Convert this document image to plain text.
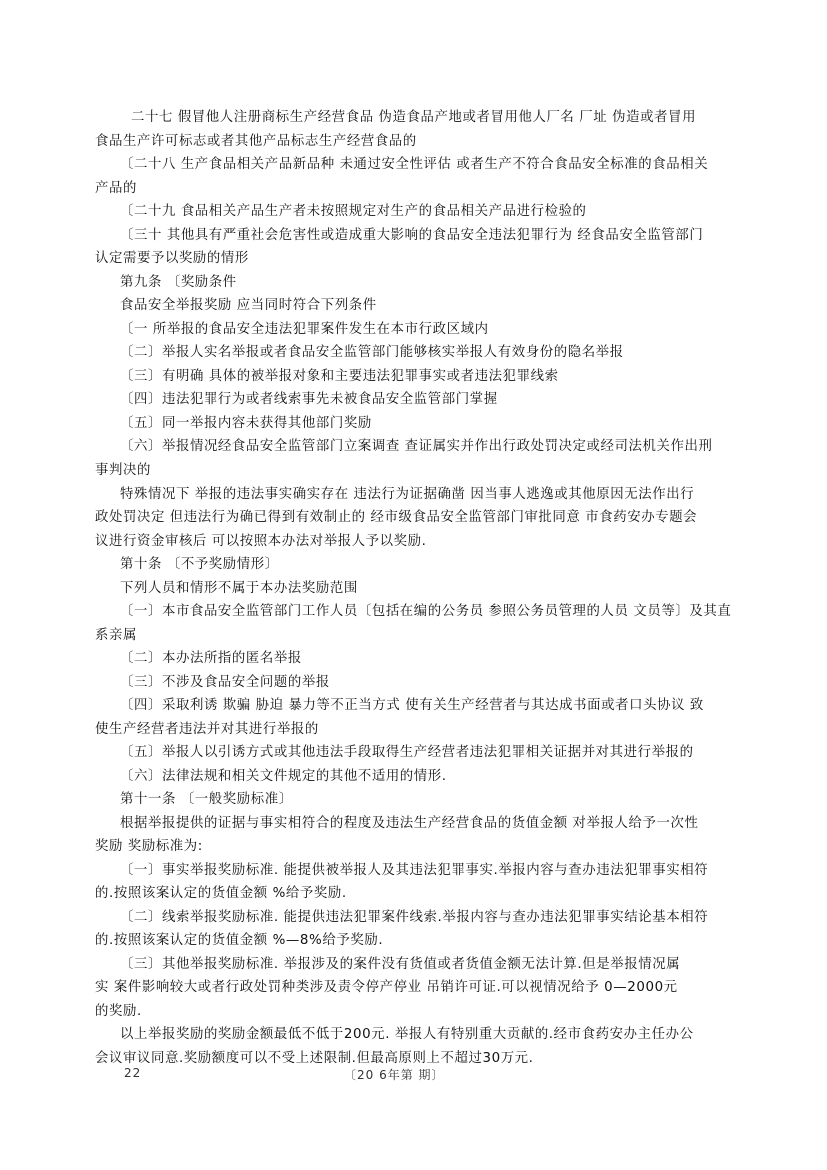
二十七 假冒他人注册商标生产经营食品 伪造食品产地或者冒用他人厂名 厂址 伪造或者冒用
食品生产许可标志或者其他产品标志生产经营食品的
〔二十八 生产食品相关产品新品种 未通过安全性评估 或者生产不符合食品安全标准的食品相关
产品的
〔二十九 食品相关产品生产者未按照规定对生产的食品相关产品进行检验的
〔三十 其他具有严重社会危害性或造成重大影响的食品安全违法犯罪行为 经食品安全监管部门
认定需要予以奖励的情形
第九条 〔奖励条件
食品安全举报奖励 应当同时符合下列条件
〔一 所举报的食品安全违法犯罪案件发生在本市行政区域内
〔二〕举报人实名举报或者食品安全监管部门能够核实举报人有效身份的隐名举报
〔三〕有明确 具体的被举报对象和主要违法犯罪事实或者违法犯罪线索
〔四〕违法犯罪行为或者线索事先未被食品安全监管部门掌握
〔五〕同一举报内容未获得其他部门奖励
〔六〕举报情况经食品安全监管部门立案调查 查证属实并作出行政处罚决定或经司法机关作出刑
事判决的
特殊情况下 举报的违法事实确实存在 违法行为证据确凿 因当事人逃逸或其他原因无法作出行
政处罚决定 但违法行为确已得到有效制止的 经市级食品安全监管部门审批同意 市食药安办专题会
议进行资金审核后 可以按照本办法对举报人予以奖励.
第十条 〔不予奖励情形〕
下列人员和情形不属于本办法奖励范围
〔一〕本市食品安全监管部门工作人员〔包括在编的公务员 参照公务员管理的人员 文员等〕及其直
系亲属
〔二〕本办法所指的匿名举报
〔三〕不涉及食品安全问题的举报
〔四〕采取利诱 欺骗 胁迫 暴力等不正当方式 使有关生产经营者与其达成书面或者口头协议 致
使生产经营者违法并对其进行举报的
〔五〕举报人以引诱方式或其他违法手段取得生产经营者违法犯罪相关证据并对其进行举报的
〔六〕法律法规和相关文件规定的其他不适用的情形.
第十一条 〔一般奖励标准〕
根据举报提供的证据与事实相符合的程度及违法生产经营食品的货值金额 对举报人给予一次性
奖励 奖励标准为:
〔一〕事实举报奖励标准. 能提供被举报人及其违法犯罪事实.举报内容与查办违法犯罪事实相符
的.按照该案认定的货值金额 %给予奖励.
〔二〕线索举报奖励标准. 能提供违法犯罪案件线索.举报内容与查办违法犯罪事实结论基本相符
的.按照该案认定的货值金额 %—8%给予奖励.
〔三〕其他举报奖励标准. 举报涉及的案件没有货值或者货值金额无法计算.但是举报情况属
实 案件影响较大或者行政处罚种类涉及责令停产停业 吊销许可证.可以视情况给予 0—2000元
的奖励.
以上举报奖励的奖励金额最低不低于200元. 举报人有特别重大贡献的.经市食药安办主任办公
会议审议同意.奖励额度可以不受上述限制.但最高原则上不超过30万元.
22	〔20 6年第 期〕
